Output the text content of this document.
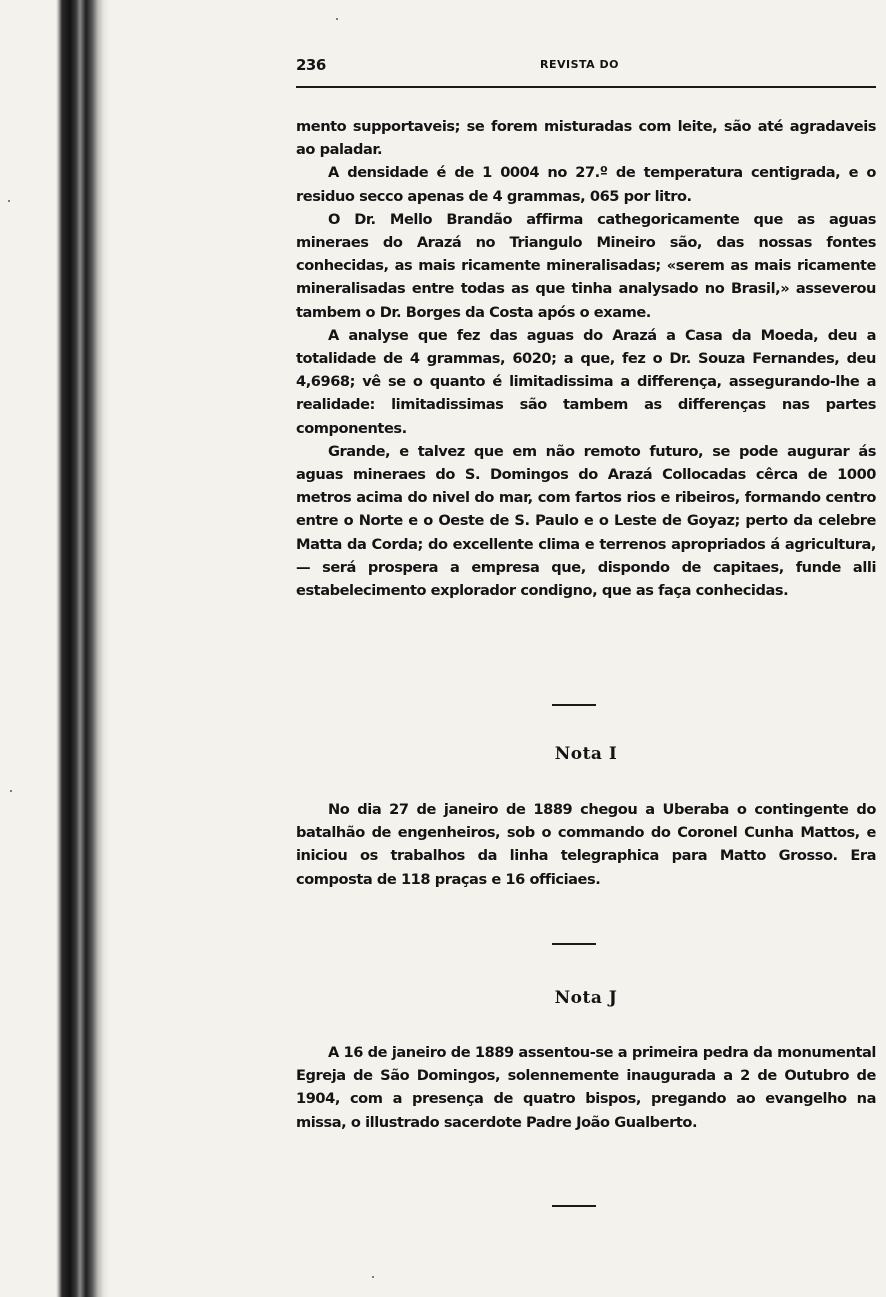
236	REVISTA DO

mento supportaveis; se forem misturadas com leite, são até agradaveis ao paladar.

A densidade é de 1 0004 no 27.º de temperatura centigrada, e o residuo secco apenas de 4 grammas, 065 por litro.

O Dr. Mello Brandão affirma cathegoricamente que as aguas mineraes do Arazá no Triangulo Mineiro são, das nossas fontes conhecidas, as mais ricamente mineralisadas; «serem as mais ricamente mineralisadas entre todas as que tinha analysado no Brasil,» asseverou tambem o Dr. Borges da Costa após o exame.

A analyse que fez das aguas do Arazá a Casa da Moeda, deu a totalidade de 4 grammas, 6020; a que, fez o Dr. Souza Fernandes, deu 4,6968; vê se o quanto é limitadissima a differença, assegurando-lhe a realidade: limitadissimas são tambem as differenças nas partes componentes.

Grande, e talvez que em não remoto futuro, se pode augurar ás aguas mineraes do S. Domingos do Arazá Collocadas cêrca de 1000 metros acima do nivel do mar, com fartos rios e ribeiros, formando centro entre o Norte e o Oeste de S. Paulo e o Leste de Goyaz; perto da celebre Matta da Corda; do excellente clima e terrenos apropriados á agricultura,— será prospera a empresa que, dispondo de capitaes, funde alli estabelecimento explorador condigno, que as faça conhecidas.

Nota I

No dia 27 de janeiro de 1889 chegou a Uberaba o contingente do batalhão de engenheiros, sob o commando do Coronel Cunha Mattos, e iniciou os trabalhos da linha telegraphica para Matto Grosso. Era composta de 118 praças e 16 officiaes.

Nota J

A 16 de janeiro de 1889 assentou-se a primeira pedra da monumental Egreja de São Domingos, solennemente inaugurada a 2 de Outubro de 1904, com a presença de quatro bispos, pregando ao evangelho na missa, o illustrado sacerdote Padre João Gualberto.
